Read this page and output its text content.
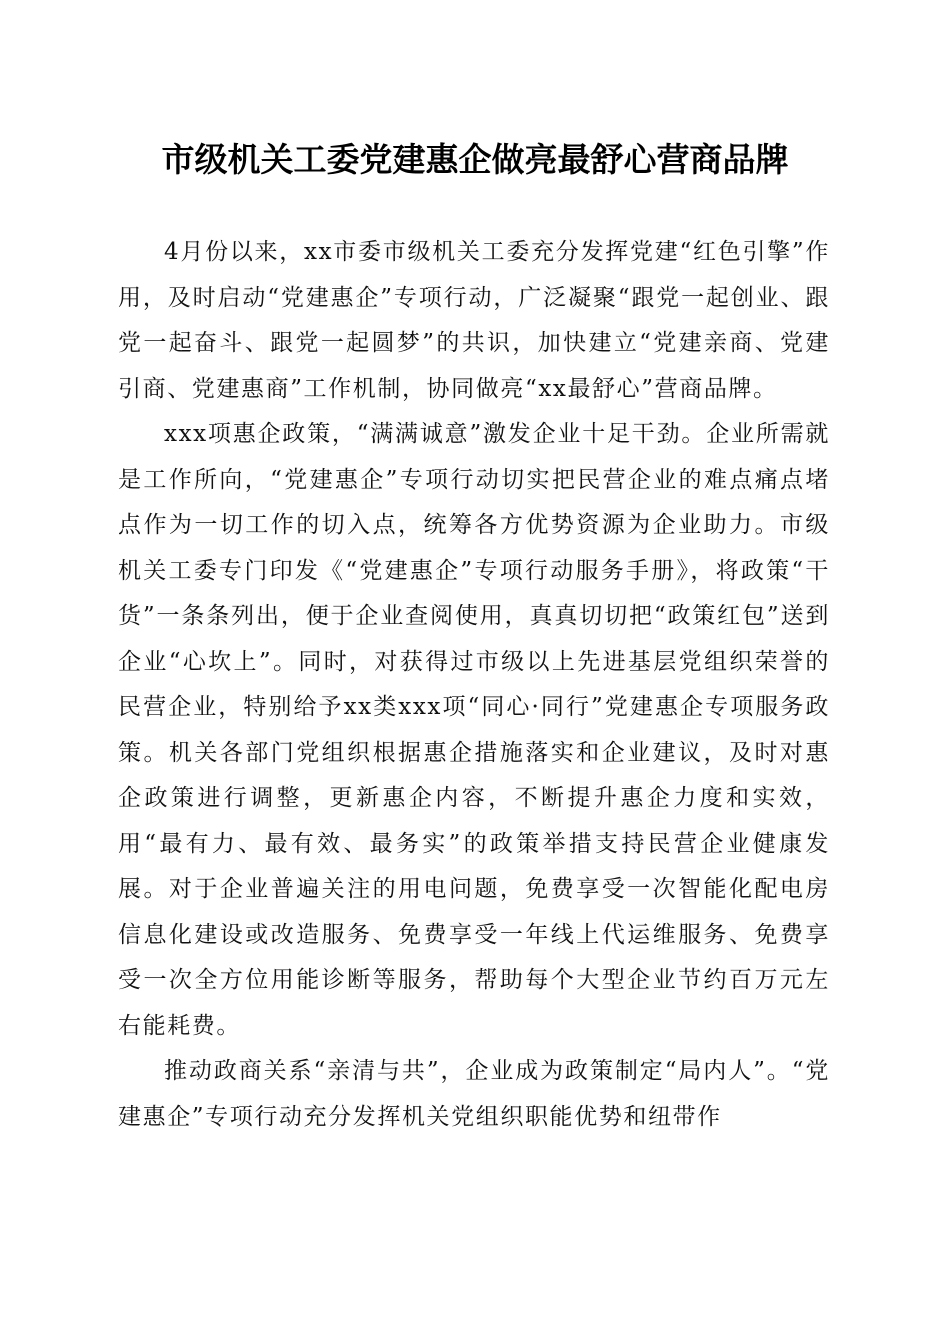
市级机关工委党建惠企做亮最舒心营商品牌

4月份以来，xx市委市级机关工委充分发挥党建“红色引擎”作用，及时启动“党建惠企”专项行动，广泛凝聚“跟党一起创业、跟党一起奋斗、跟党一起圆梦”的共识，加快建立“党建亲商、党建引商、党建惠商”工作机制，协同做亮“xx最舒心”营商品牌。

xxx项惠企政策，“满满诚意”激发企业十足干劲。企业所需就是工作所向，“党建惠企”专项行动切实把民营企业的难点痛点堵点作为一切工作的切入点，统筹各方优势资源为企业助力。市级机关工委专门印发《“党建惠企”专项行动服务手册》，将政策“干货”一条条列出，便于企业查阅使用，真真切切把“政策红包”送到企业“心坎上”。同时，对获得过市级以上先进基层党组织荣誉的民营企业，特别给予xx类xxx项“同心·同行”党建惠企专项服务政策。机关各部门党组织根据惠企措施落实和企业建议，及时对惠企政策进行调整，更新惠企内容，不断提升惠企力度和实效，用“最有力、最有效、最务实”的政策举措支持民营企业健康发展。对于企业普遍关注的用电问题，免费享受一次智能化配电房信息化建设或改造服务、免费享受一年线上代运维服务、免费享受一次全方位用能诊断等服务，帮助每个大型企业节约百万元左右能耗费。

推动政商关系“亲清与共”，企业成为政策制定“局内人”。“党建惠企”专项行动充分发挥机关党组织职能优势和纽带作
